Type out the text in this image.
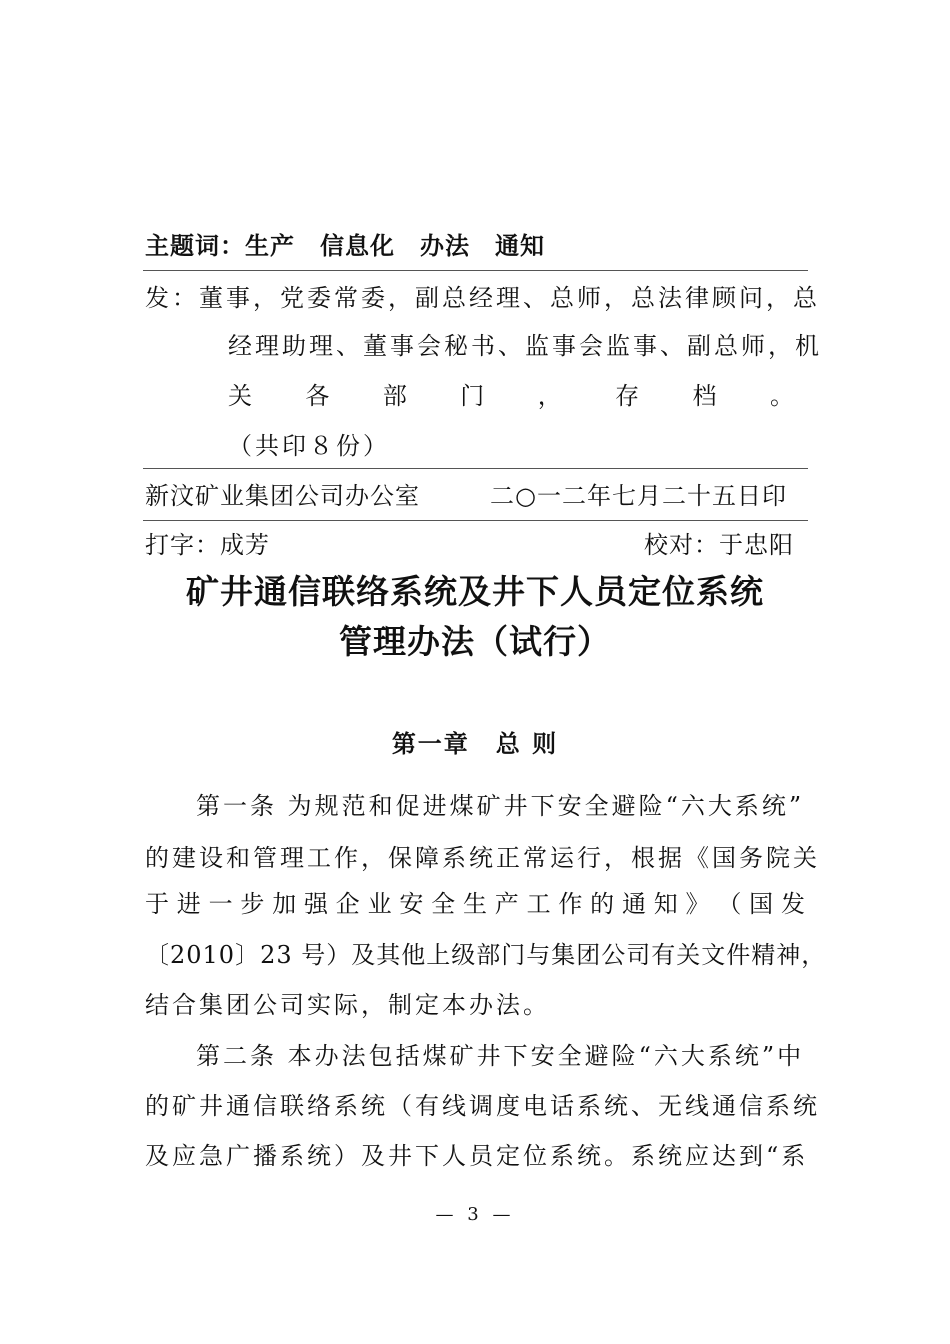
主题词：生产　信息化　办法　通知
发：董事，党委常委，副总经理、总师，总法律顾问，总
经理助理、董事会秘书、监事会监事、副总师，机
关 各 部 门 ， 存 档 。
（共印８份）
新汶矿业集团公司办公室	二○一二年七月二十五日印
打字：成芳	校对：于忠阳
矿井通信联络系统及井下人员定位系统
管理办法（试行）
第一章　总 则
第一条 为规范和促进煤矿井下安全避险“六大系统”
的建设和管理工作，保障系统正常运行，根据《国务院关
于 进 一 步 加 强 企 业 安 全 生 产 工 作 的 通 知 》 （ 国 发
〔2010〕23 号）及其他上级部门与集团公司有关文件精神，
结合集团公司实际，制定本办法。
第二条 本办法包括煤矿井下安全避险“六大系统”中
的矿井通信联络系统（有线调度电话系统、无线通信系统
及应急广播系统）及井下人员定位系统。系统应达到“系
— 3 —
